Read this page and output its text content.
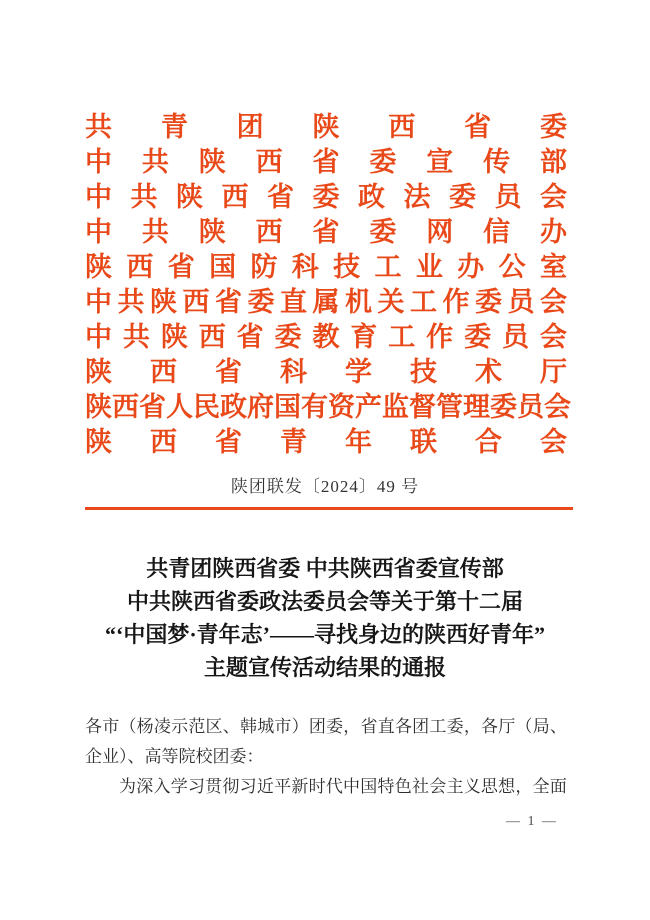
共 青 团 陕 西 省 委
中 共 陕 西 省 委 宣 传 部
中 共 陕 西 省 委 政 法 委 员 会
中 共 陕 西 省 委 网 信 办
陕 西 省 国 防 科 技 工 业 办 公 室
中 共 陕 西 省 委 直 属 机 关 工 作 委 员 会
中 共 陕 西 省 委 教 育 工 作 委 员 会
陕 西 省 科 学 技 术 厅
陕 西 省 人 民 政 府 国 有 资 产 监 督 管 理 委 员 会
陕 西 省 青 年 联 合 会
陕团联发〔2024〕49 号
共青团陕西省委 中共陕西省委宣传部
中共陕西省委政法委员会等关于第十二届
“‘中国梦·青年志’——寻找身边的陕西好青年”
主题宣传活动结果的通报
各 市 （ 杨 凌 示 范 区 、 韩 城 市 ） 团 委 ， 省 直 各 团 工 委 ， 各 厅 （ 局 、
企业）、高等院校团委：
为 深 入 学 习 贯 彻 习 近 平 新 时 代 中 国 特 色 社 会 主 义 思 想 ， 全 面
— 1 —
